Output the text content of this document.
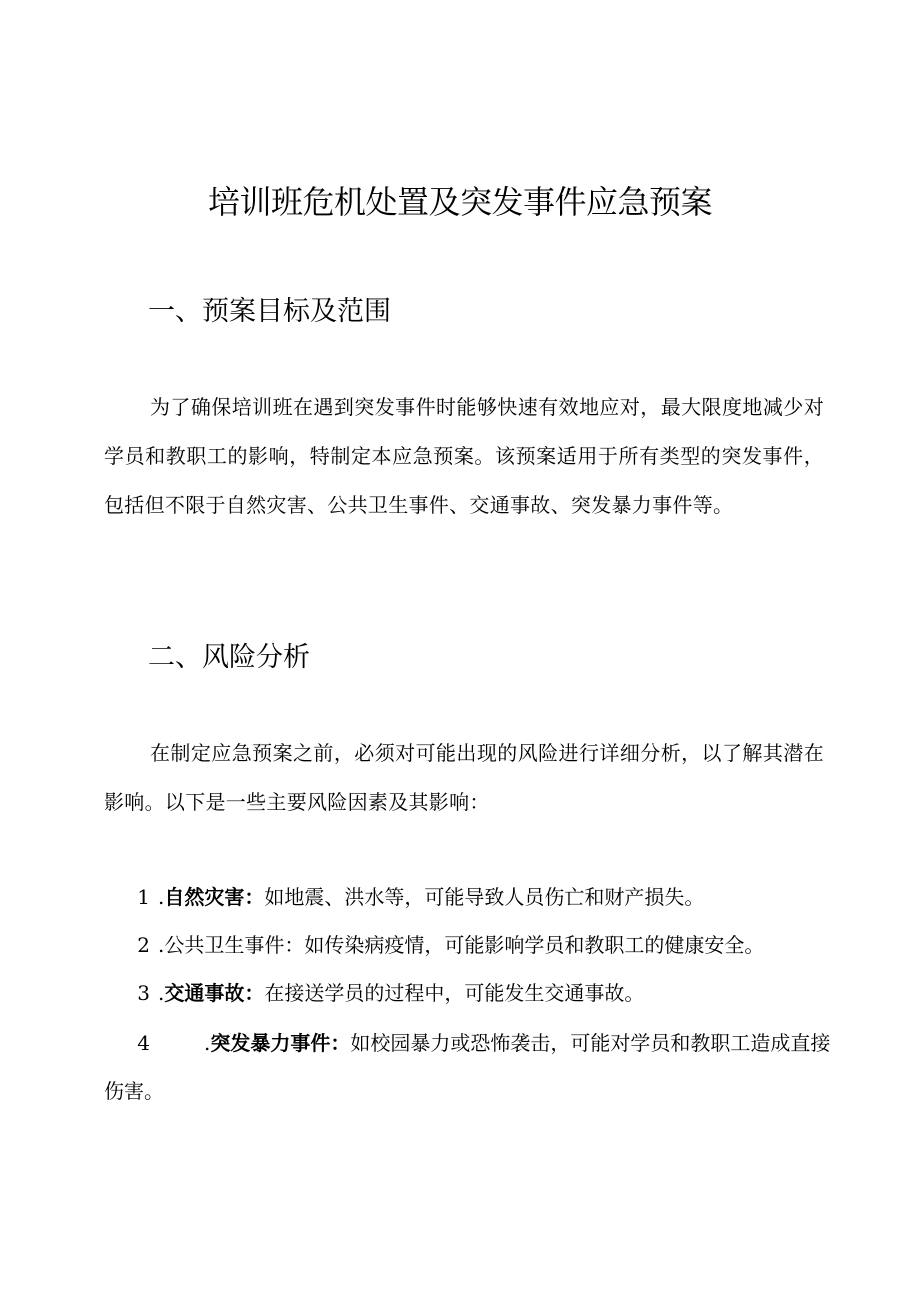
培训班危机处置及突发事件应急预案
一、预案目标及范围

为了确保培训班在遇到突发事件时能够快速有效地应对，最大限度地减少对学员和教职工的影响，特制定本应急预案。该预案适用于所有类型的突发事件，包括但不限于自然灾害、公共卫生事件、交通事故、突发暴力事件等。

二、风险分析

在制定应急预案之前，必须对可能出现的风险进行详细分析，以了解其潜在影响。以下是一些主要风险因素及其影响：

1 .自然灾害：如地震、洪水等，可能导致人员伤亡和财产损失。
2 .公共卫生事件：如传染病疫情，可能影响学员和教职工的健康安全。
3 .交通事故：在接送学员的过程中，可能发生交通事故。
4	.突发暴力事件：如校园暴力或恐怖袭击，可能对学员和教职工造成直接伤害。
